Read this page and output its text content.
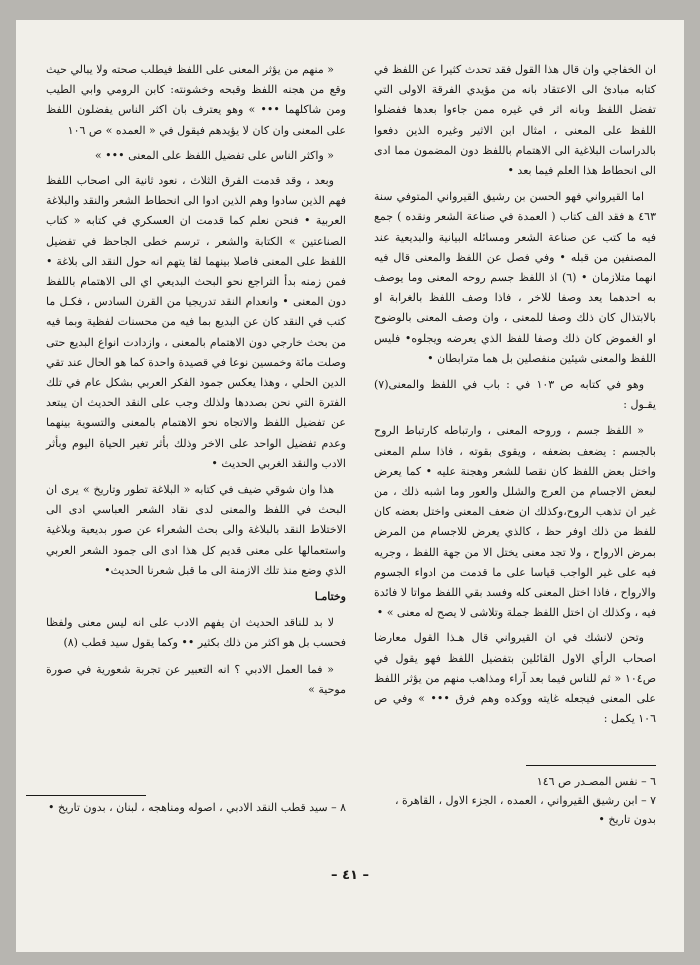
ان الخفاجي وان قال هذا القول فقد تحدث كثيرا عن اللفظ في كتابه مبادئ الى الاعتقاد بانه من مؤيدي الفرقة الاولى التي تفضل اللفظ وبانه اثر في غيره ممن جاءوا بعدها ففضلوا اللفظ على المعنى ، امثال ابن الاثير وغيره الذين دفعوا بالدراسات البلاغية الى الاهتمام باللفظ دون المضمون مما ادى الى انحطاط هذا العلم فيما بعد •

اما القيرواني فهو الحسن بن رشيق القيرواني المتوفي سنة ٤٦٣ ﻫ فقد الف كتاب ( العمدة في صناعة الشعر ونقده ) جمع فيه ما كتب عن صناعة الشعر ومسائله البيانية والبديعية عند المصنفين من قبله • وفي فصل عن اللفظ والمعنى قال فيه انهما متلازمان • (٦) اذ اللفظ جسم روحه المعنى وما يوصف به احدهما يعد وصفا للاخر ، فاذا وصف اللفظ بالغرابة او بالابتذال كان ذلك وصفا للمعنى ، وان وصف المعنى بالوضوح او الغموض كان ذلك وصفا للفظ الذي يعرضه ويجلوه• فليس اللفظ والمعنى شيئين منفصلين بل هما مترابطان •

وهو في كتابه ص ١٠٣ في : باب في اللفظ والمعنى(٧) يقـول :

« اللفظ جسم ، وروحه المعنى ، وارتباطه كارتباط الروح بالجسم : يضعف بضعفه ، ويقوى بقوته ، فاذا سلم المعنى واختل بعض اللفظ كان نقصا للشعر وهجنة عليه • كما يعرض لبعض الاجسام من العرج والشلل والعور وما اشبه ذلك ، من غير ان تذهب الروح،وكذلك ان ضعف المعنى واختل بعضه كان للفظ من ذلك اوفر حظ ، كالذي يعرض للاجسام من المرض بمرض الارواح ، ولا تجد معنى يختل الا من جهة اللفظ ، وجريه فيه على غير الواجب قياسا على ما قدمت من ادواء الجسوم والارواح ، فاذا اختل المعنى كله وفسد بقي اللفظ مواتا لا فائدة فيه ، وكذلك ان اختل اللفظ جملة وتلاشى لا يصح له معنى » •

وتحن لانشك في ان القيرواني قال هـذا القول معارضا اصحاب الرأي الاول القائلين بتفضيل اللفظ فهو يقول في ص١٠٤ « ثم للناس فيما بعد آراء ومذاهب منهم من يؤثر اللفظ على المعنى فيجعله غايته ووكده وهم فرق ••• » وفي ص ١٠٦ يكمل :

« منهم من يؤثر المعنى على اللفظ فيطلب صحته ولا يبالي حيث وقع من هجنه اللفظ وقبحه وخشونته: كابن الرومي وابي الطيب ومن شاكلهما ••• » وهو يعترف بان اكثر الناس يفضلون اللفظ على المعنى وان كان لا يؤيدهم فيقول في « العمده » ص ١٠٦

« واكثر الناس على تفضيل اللفظ على المعنى ••• »

وبعد ، وقد قدمت الفرق الثلاث ، نعود ثانية الى اصحاب اللفظ فهم الذين سادوا وهم الذين ادوا الى انحطاط الشعر والنقد والبلاغة العربية • فنحن نعلم كما قدمت ان العسكري في كتابه « كتاب الصناعتين » الكتابة والشعر ، ترسم خطى الجاحظ في تفضيل اللفظ على المعنى فاصلا بينهما لقا يتهم انه حول النقد الى بلاغة • فمن زمنه بدأ التراجع نحو البحث البديعي اي الى الاهتمام باللفظ دون المعنى • وانعدام النقد تدريجيا من القرن السادس ، فكـل ما كتب في النقد كان عن البديع بما فيه من محسنات لفظية وبما فيه من بحث خارجي دون الاهتمام بالمعنى ، وازدادت انواع البديع حتى وصلت مائة وخمسين نوعا في قصيدة واحدة كما هو الحال عند تقي الدين الحلي ، وهذا يعكس جمود الفكر العربي بشكل عام في تلك الفترة التي نحن بصددها ولذلك وجب على النقد الحديث ان يبتعد عن تفضيل اللفظ والاتجاه نحو الاهتمام بالمعنى والتسوية بينهما وعدم تفضيل الواحد على الاخر وذلك بأثر تغير الحياة اليوم وبأثر الادب والنقد الغربي الحديث •

هذا وان شوقي ضيف في كتابه « البلاغة تطور وتاريخ » يرى ان البحث في اللفظ والمعنى لدى نقاد الشعر العباسي ادى الى الاختلاط النقد بالبلاغة والى بحث الشعراء عن صور بديعية وبلاغية واستعمالها على معنى قديم كل هذا ادى الى جمود الشعر العربي الذي وضع منذ تلك الازمنة الى ما قبل شعرنا الحديث•

وختامـا

لا بد للناقد الحديث ان يفهم الادب على انه ليس معنى ولفظا فحسب بل هو اكثر من ذلك بكثير •• وكما يقول سيد قطب (٨)

« فما العمل الادبي ؟ انه التعبير عن تجربة شعورية في صورة موحية »

٦ – نفس المصـدر ص ١٤٦

٧ – ابن رشيق القيرواني ، العمده ، الجزء الاول ، القاهرة ، بدون تاريخ •

٨ – سيد قطب النقد الادبي ، اصوله ومناهجه ، لبنان ، بدون تاريخ •

– ٤١ –
